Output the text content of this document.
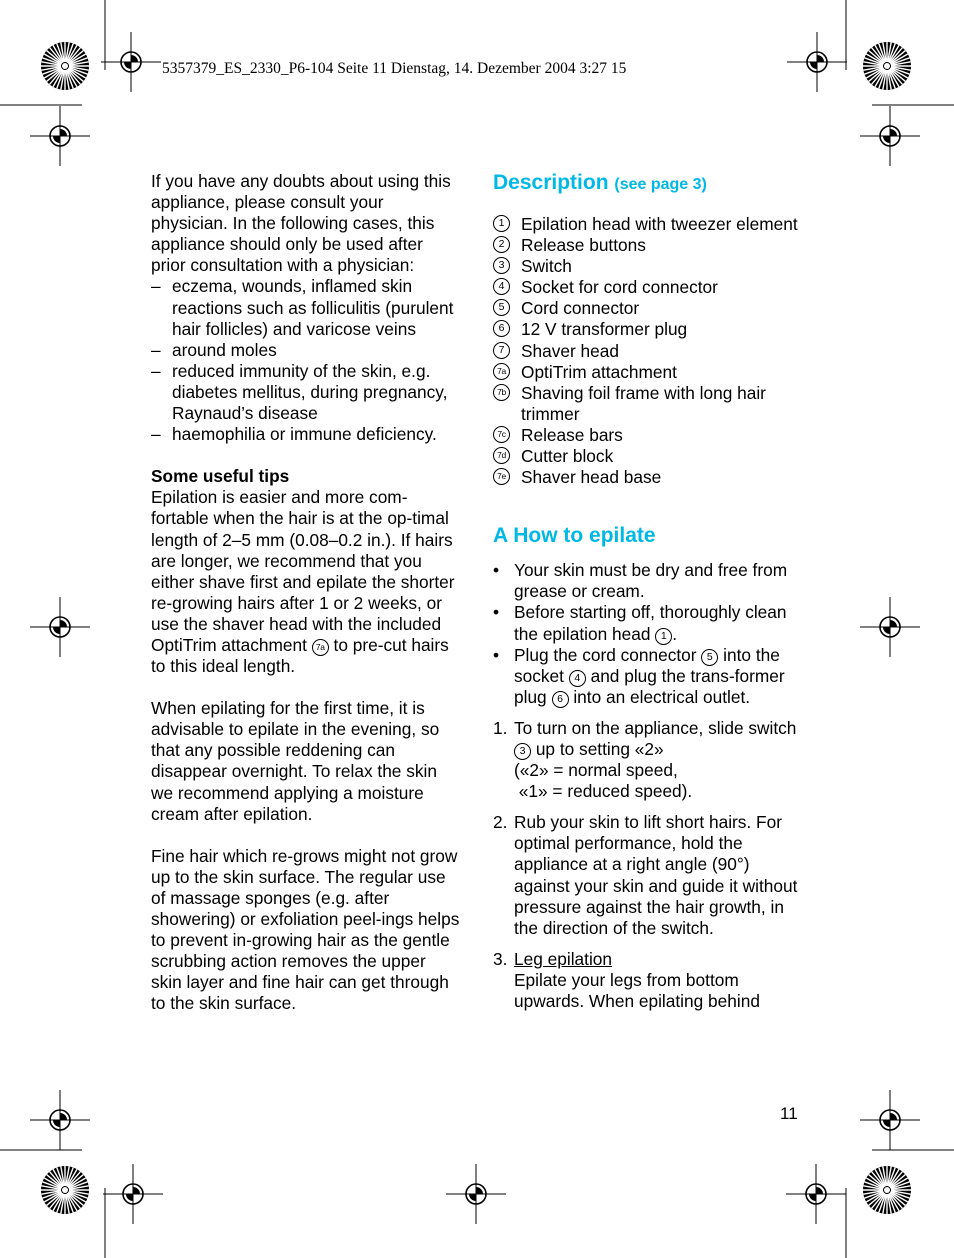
5357379_ES_2330_P6-104 Seite 11 Dienstag, 14. Dezember 2004 3:27 15

If you have any doubts about using this appliance, please consult your physician. In the following cases, this appliance should only be used after prior consultation with a physician:

– eczema, wounds, inflamed skin reactions such as folliculitis (purulent hair follicles) and varicose veins
– around moles
– reduced immunity of the skin, e.g. diabetes mellitus, during pregnancy, Raynaud’s disease
– haemophilia or immune deficiency.

Some useful tips

Epilation is easier and more com-fortable when the hair is at the op-timal length of 2–5 mm (0.08–0.2 in.). If hairs are longer, we recommend that you either shave first and epilate the shorter re-growing hairs after 1 or 2 weeks, or use the shaver head with the included OptiTrim attachment 7a to pre-cut hairs to this ideal length.

When epilating for the first time, it is advisable to epilate in the evening, so that any possible reddening can disappear overnight. To relax the skin we recommend applying a moisture cream after epilation.

Fine hair which re-grows might not grow up to the skin surface. The regular use of massage sponges (e.g. after showering) or exfoliation peel-ings helps to prevent in-growing hair as the gentle scrubbing action removes the upper skin layer and fine hair can get through to the skin surface.

Description (see page 3)
1 Epilation head with tweezer element
2 Release buttons
3 Switch
4 Socket for cord connector
5 Cord connector
6 12 V transformer plug
7 Shaver head
7a OptiTrim attachment
7b Shaving foil frame with long hair trimmer
7c Release bars
7d Cutter block
7e Shaver head base
A How to epilate
• Your skin must be dry and free from grease or cream.
• Before starting off, thoroughly clean the epilation head 1 .
• Plug the cord connector 5 into the socket 4 and plug the trans-former plug 6 into an electrical outlet.
1. To turn on the appliance, slide switch 3 up to setting «2»
(«2» = normal speed,
«1» = reduced speed).
2. Rub your skin to lift short hairs. For optimal performance, hold the appliance at a right angle (90°) against your skin and guide it without pressure against the hair growth, in the direction of the switch.
3. Leg epilation
Epilate your legs from bottom upwards. When epilating behind
11
